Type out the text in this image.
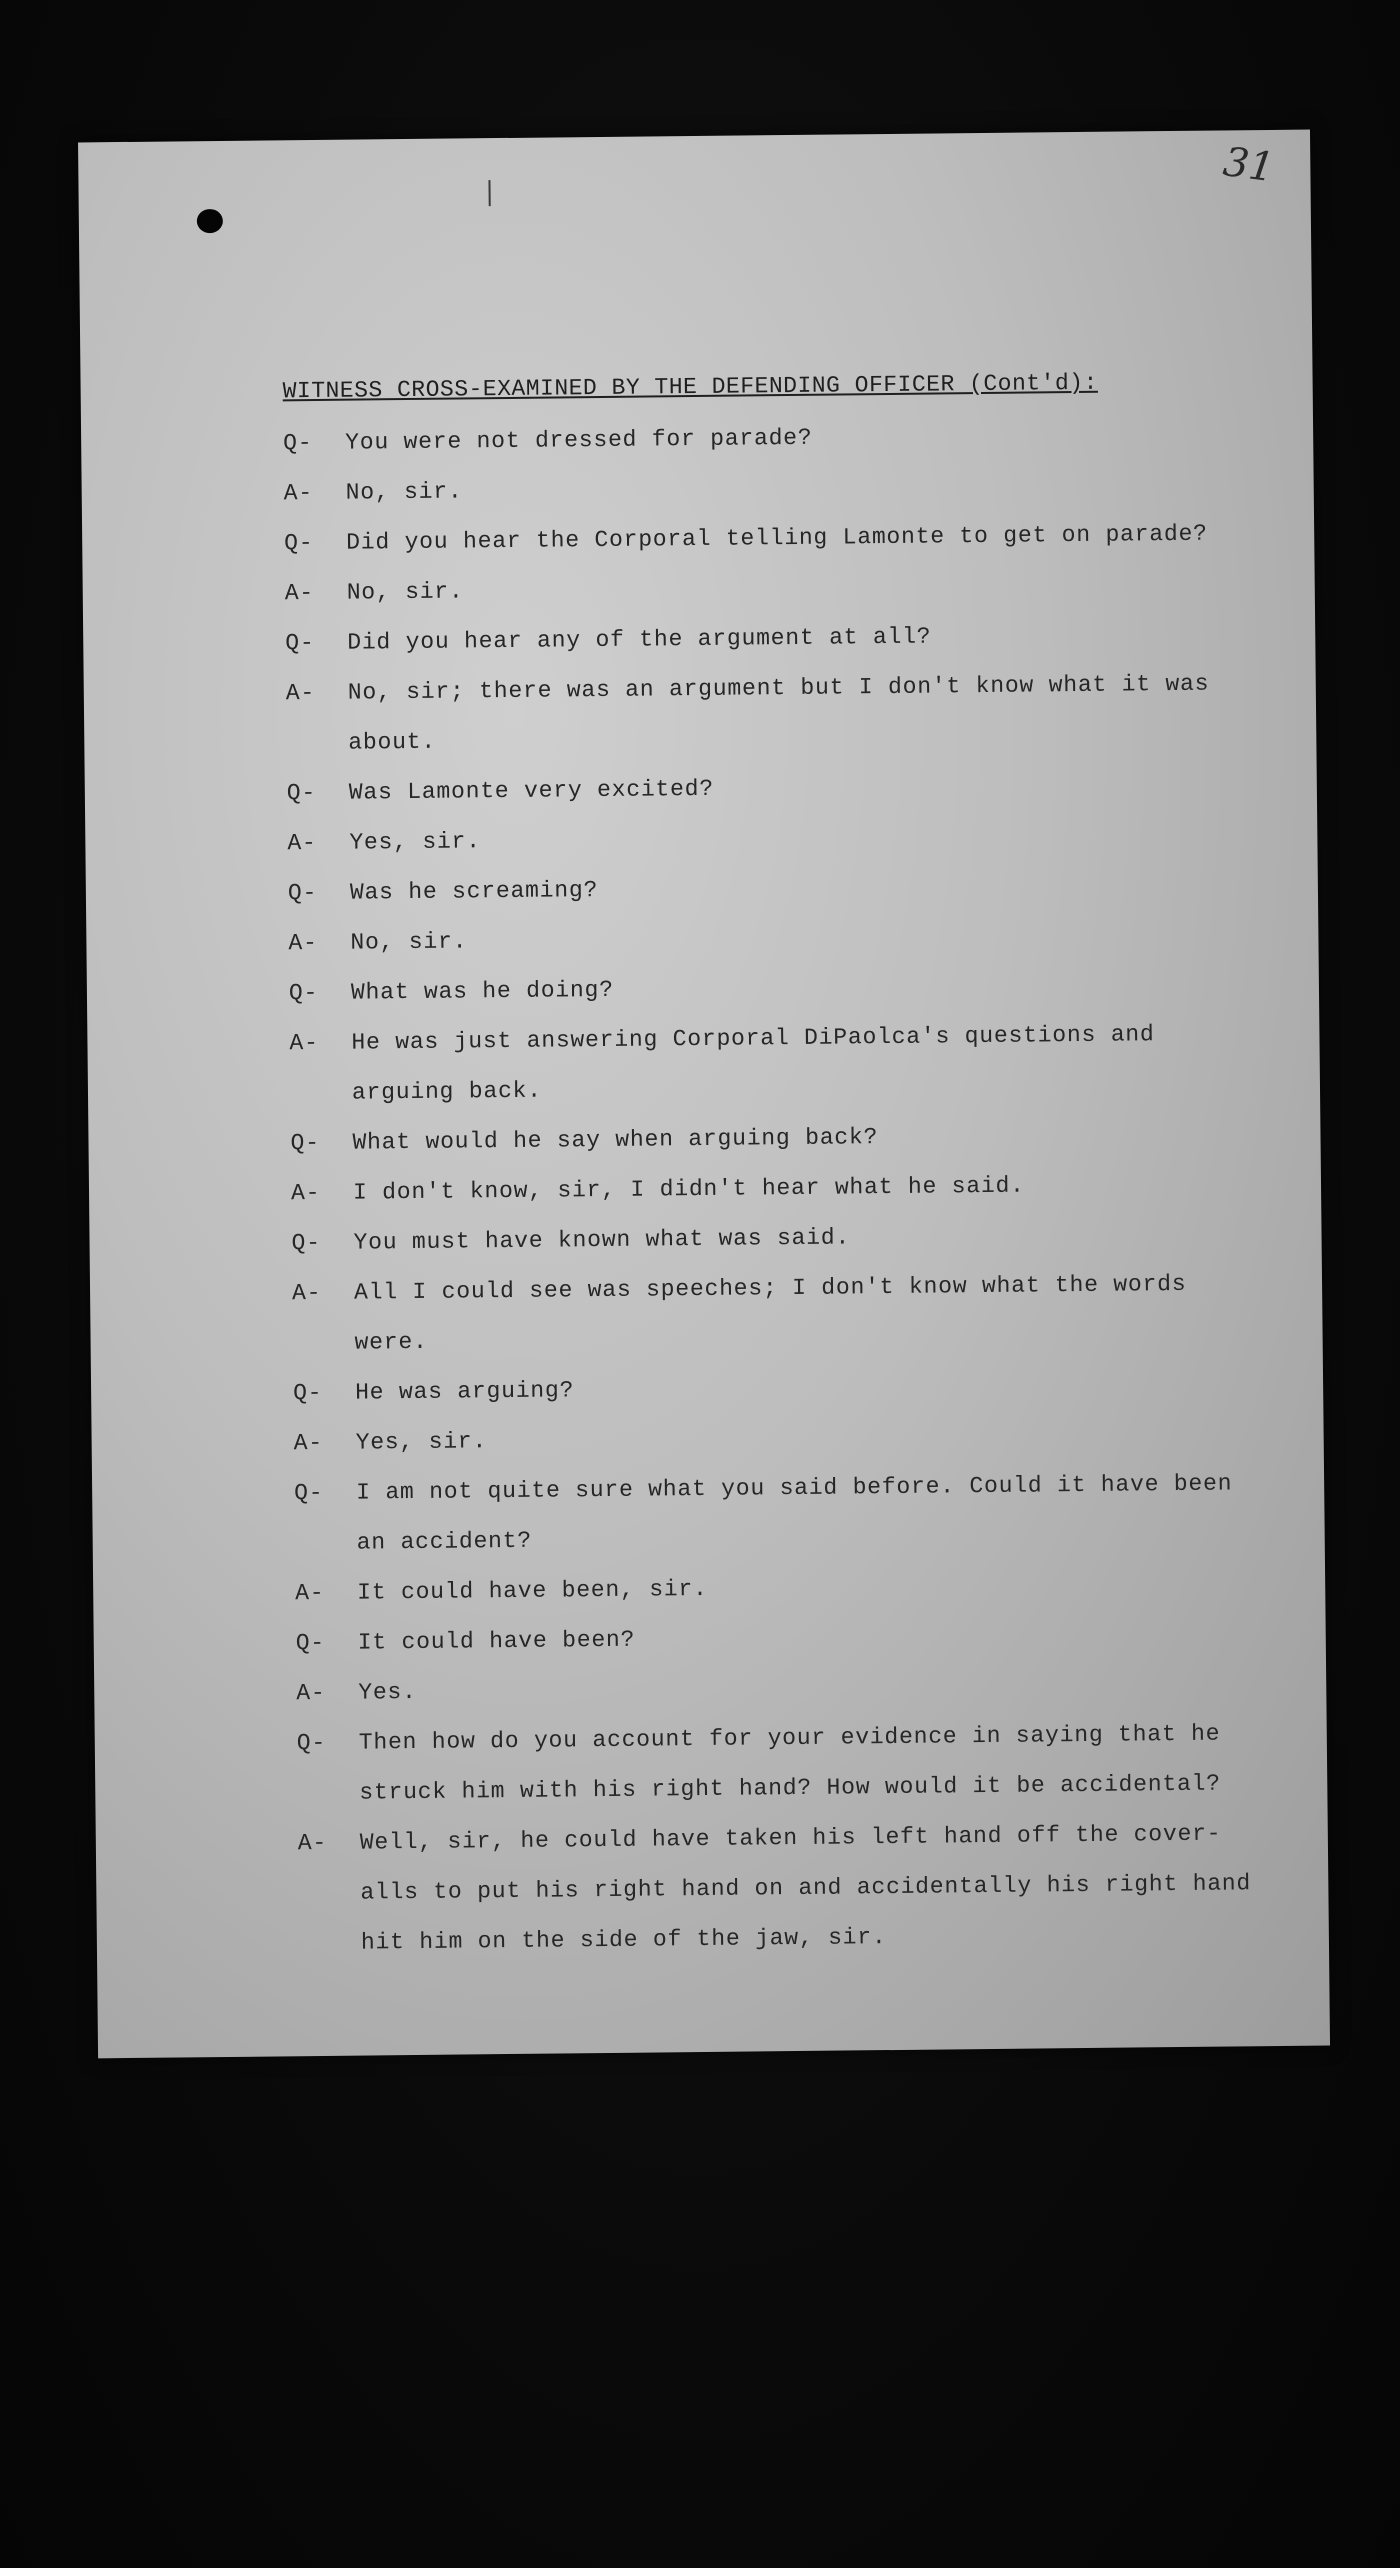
31
WITNESS CROSS-EXAMINED BY THE DEFENDING OFFICER (Cont'd):
Q-	You were not dressed for parade?
A-	No, sir.
Q-	Did you hear the Corporal telling Lamonte to get on parade?
A-	No, sir.
Q-	Did you hear any of the argument at all?
A-	No, sir; there was an argument but I don't know what it was about.
Q-	Was Lamonte very excited?
A-	Yes, sir.
Q-	Was he screaming?
A-	No, sir.
Q-	What was he doing?
A-	He was just answering Corporal DiPaolca's questions and arguing back.
Q-	What would he say when arguing back?
A-	I don't know, sir, I didn't hear what he said.
Q-	You must have known what was said.
A-	All I could see was speeches; I don't know what the words were.
Q-	He was arguing?
A-	Yes, sir.
Q-	I am not quite sure what you said before. Could it have been an accident?
A-	It could have been, sir.
Q-	It could have been?
A-	Yes.
Q-	Then how do you account for your evidence in saying that he struck him with his right hand? How would it be accidental?
A-	Well, sir, he could have taken his left hand off the cover-alls to put his right hand on and accidentally his right hand hit him on the side of the jaw, sir.
